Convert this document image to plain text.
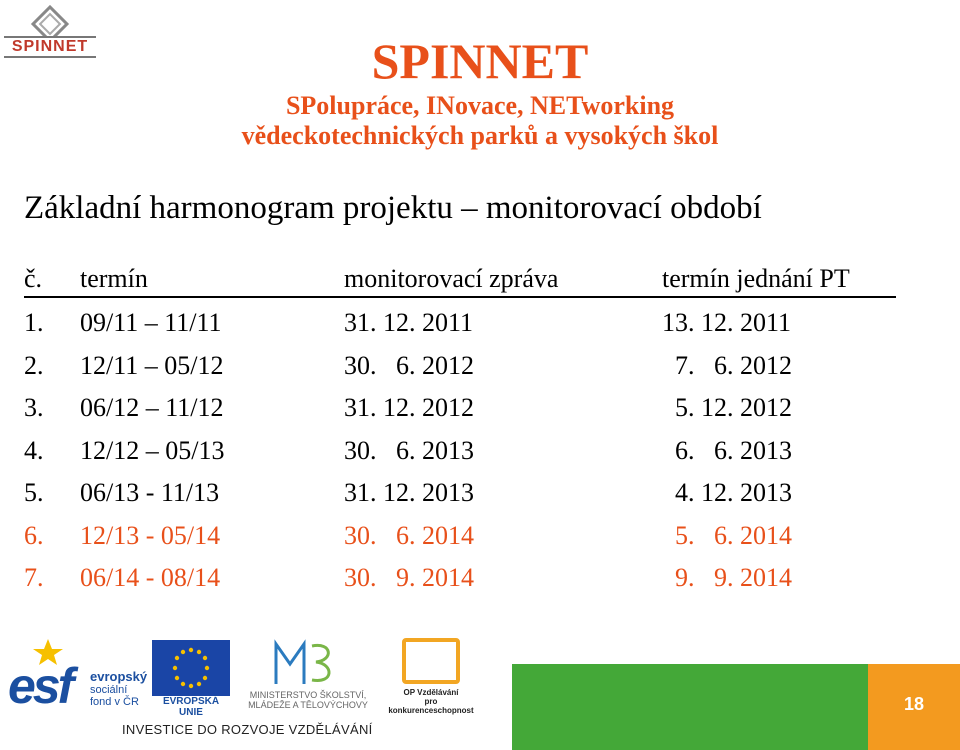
SPINNET	SPINNET
SPolupráce, INovace, NETworking
vědeckotechnických parků a vysokých škol
Základní harmonogram projektu – monitorovací období
č. termín	monitorovací zpráva	termín jednání PT
1. 09/11 – 11/11	31. 12. 2011	13. 12. 2011
2. 12/11 – 05/12	30.   6. 2012	7.   6. 2012
3. 06/12 – 11/12	31. 12. 2012	5. 12. 2012
4. 12/12 – 05/13	30.   6. 2013	6.   6. 2013
5. 06/13 - 11/13	31. 12. 2013	4. 12. 2013
6. 12/13 - 05/14	30.   6. 2014	5.   6. 2014
7. 06/14 - 08/14	30.   9. 2014	9.   9. 2014
esf evropský
sociální
fond v ČR	EVROPSKÁ UNIE
MINISTERSTVO ŠKOLSTVÍ,
MLÁDEŽE A TĚLOVÝCHOVY
OP Vzdělávání
pro konkurenceschopnost
INVESTICE DO ROZVOJE VZDĚLÁVÁNÍ
18
